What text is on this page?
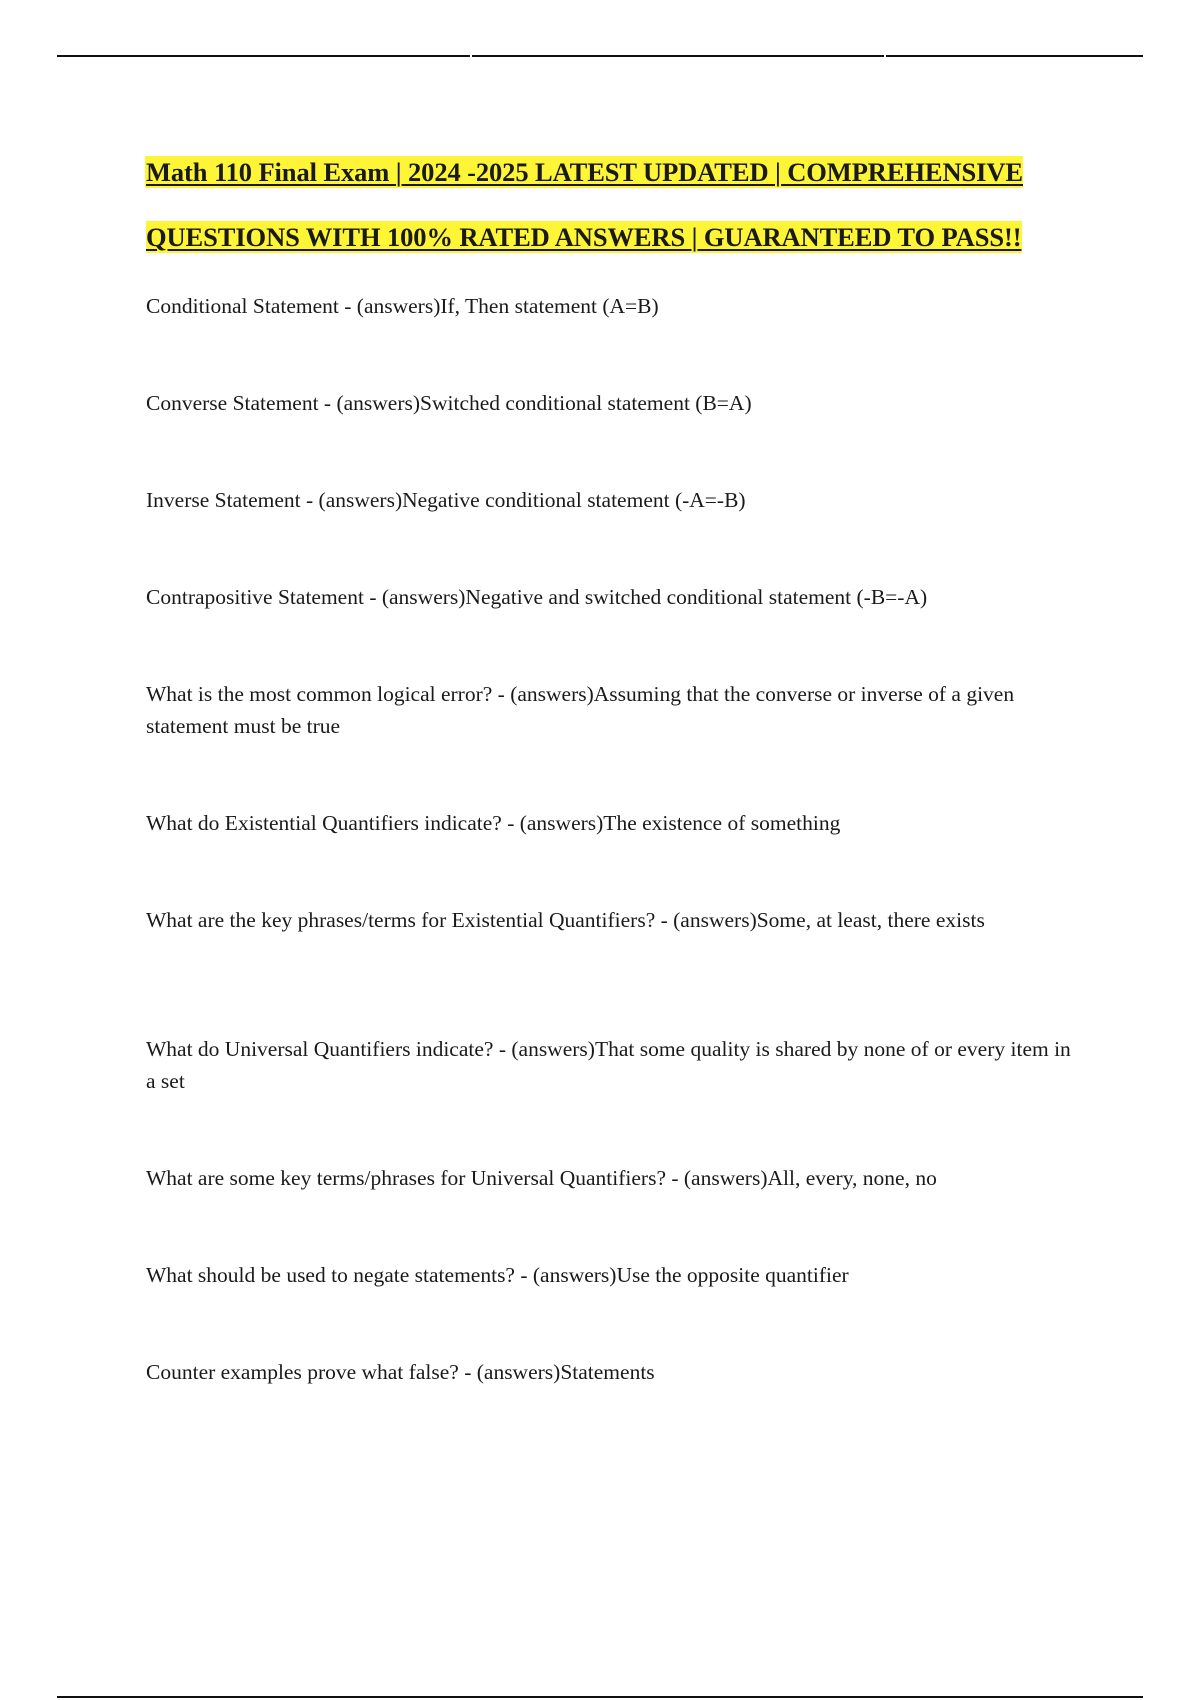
Math 110 Final Exam | 2024 -2025 LATEST UPDATED | COMPREHENSIVE QUESTIONS WITH 100% RATED ANSWERS | GUARANTEED TO PASS!!

Conditional Statement - (answers)If, Then statement (A=B)

Converse Statement - (answers)Switched conditional statement (B=A)

Inverse Statement - (answers)Negative conditional statement (-A=-B)

Contrapositive Statement - (answers)Negative and switched conditional statement (-B=-A)

What is the most common logical error? - (answers)Assuming that the converse or inverse of a given statement must be true

What do Existential Quantifiers indicate? - (answers)The existence of something

What are the key phrases/terms for Existential Quantifiers? - (answers)Some, at least, there exists

What do Universal Quantifiers indicate? - (answers)That some quality is shared by none of or every item in a set

What are some key terms/phrases for Universal Quantifiers? - (answers)All, every, none, no

What should be used to negate statements? - (answers)Use the opposite quantifier

Counter examples prove what false? - (answers)Statements
